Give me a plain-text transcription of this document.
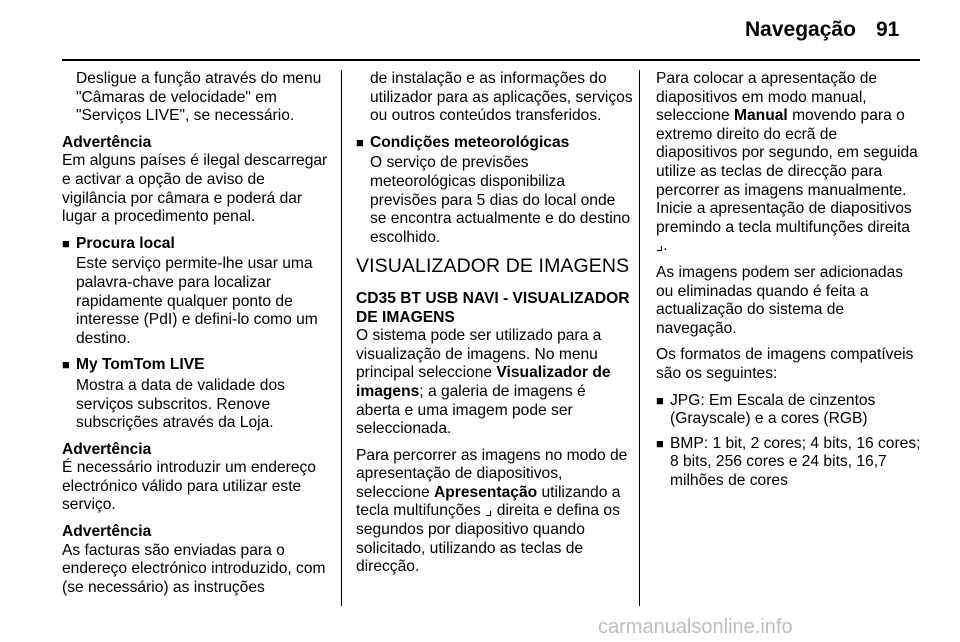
Navegação 91

Desligue a função através do menu "Câmaras de velocidade" em "Serviços LIVE", se necessário.

Advertência

Em alguns países é ilegal descarregar e activar a opção de aviso de vigilância por câmara e poderá dar lugar a procedimento penal.

■ Procura local

Este serviço permite-lhe usar uma palavra-chave para localizar rapidamente qualquer ponto de interesse (PdI) e defini-lo como um destino.

■ My TomTom LIVE

Mostra a data de validade dos serviços subscritos. Renove subscrições através da Loja.

Advertência

É necessário introduzir um endereço electrónico válido para utilizar este serviço.

Advertência

As facturas são enviadas para o endereço electrónico introduzido, com (se necessário) as instruções

de instalação e as informações do utilizador para as aplicações, serviços ou outros conteúdos transferidos.

■ Condições meteorológicas

O serviço de previsões meteorológicas disponibiliza previsões para 5 dias do local onde se encontra actualmente e do destino escolhido.

VISUALIZADOR DE IMAGENS

CD35 BT USB NAVI - VISUALIZADOR DE IMAGENS

O sistema pode ser utilizado para a visualização de imagens. No menu principal seleccione Visualizador de imagens; a galeria de imagens é aberta e uma imagem pode ser seleccionada.

Para percorrer as imagens no modo de apresentação de diapositivos, seleccione Apresentação utilizando a tecla multifunções ⌟ direita e defina os segundos por diapositivo quando solicitado, utilizando as teclas de direcção.

Para colocar a apresentação de diapositivos em modo manual, seleccione Manual movendo para o extremo direito do ecrã de diapositivos por segundo, em seguida utilize as teclas de direcção para percorrer as imagens manualmente. Inicie a apresentação de diapositivos premindo a tecla multifunções direita ⌟.

As imagens podem ser adicionadas ou eliminadas quando é feita a actualização do sistema de navegação.

Os formatos de imagens compatíveis são os seguintes:

■ JPG: Em Escala de cinzentos (Grayscale) e a cores (RGB)
■ BMP: 1 bit, 2 cores; 4 bits, 16 cores; 8 bits, 256 cores e 24 bits, 16,7 milhões de cores
carmanualsonline.info
